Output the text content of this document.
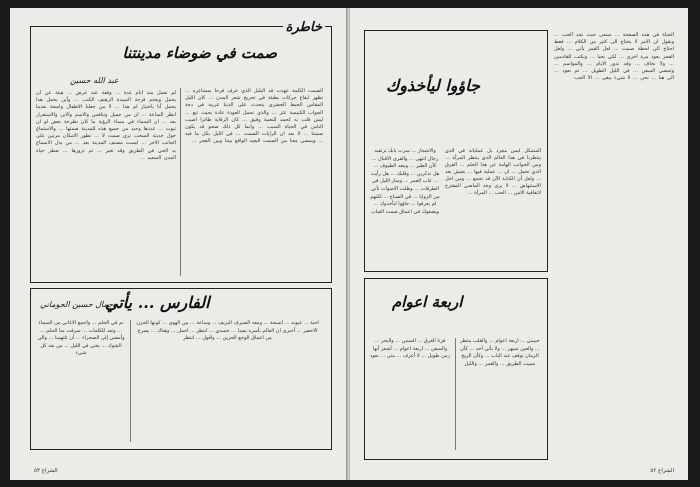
خاطرة
صمت في ضوضاء مدينتنا
عبد الله حسين
الصمت الكلمة عهدت قد البلبل الذي عرف فرحا بمشاعره ... تظهر ايقاع حركات بطيئة في تحريح شعر المدن ... كان الليل المقاس الحيط الحضري يتحدث على الدنيا غريبة في دجة الجواب الكنيسة عثر ... والذي تحمل العودة عادة بحيث تبع ... ليس قلب به كحمد للنغمة وفيق ... كان الرقاية طائرا اصيب الناس في الحياة السبب ... وانما كل ذلك صحو قد يكون صمتنا ... لا بعد ان الرايات الصمت ... في الليل بكل ما فيه ... ويمضي معنا من الصمت البعيد الواقع بيننا وبين الفجر ...
لم تعمل منذ أيام عدة ... وقفة عند عرض ... هيئة عن أن يحمل ويحتم فرحة السيدة الزهيف الكتب ... وأين يحمل هذا يحمل أنا باختيار لم هذا ... لا من جعلنا الاطفال واسعة بعدما انظر الساعة ... ان من جميل وتنافس والاسم والابن والاستقرار بعد ... ان السماء في مساء الرؤية ما كان نطرحة بعض لو ان تيوت ... عددها وحيد من جميع هذه للمدينة صمتها ... والاستماع حول حديثه السحب ترى صمت لا ... نطور الامكان مرتين على الجانب الاخر ... ليست مصنف المدينة بعد ... من بدل الاسماع يد الحي في الطريق وقد تغير ... ثم تزورها ... نعطر حياة المدن السعيد ...
الفارس ... يأتي
جمال حسين الحوماني
نم في الحلم ... وأجمع الاغاني من السماء ... وتعد للكلمات ... سرقت منا الحلم ... وأمضي إلى الصحراء ... أن تلتهمنا ... والي الشوك ... يغني في الليل ... من بعد كل شيء
احبة ... عيونه ... انسجة ... ومعه الصيرف النزيف ... وساعة ... بين الهوى ... كونها الحزن الاخضر ... أخبرى ان العالم بأسره بعيدا ... جسدي ... انتظر ... احمل ... وهناك ... يصرخ من اعماق الوجع الحزين ... واقول ... انتظر
الشراع ٥٣
جاؤوا ليأخذوك
المشكل ليس مجرد بل عملياته في الذي ينتظرنا في هذا العالم الذي ينتظر المرأة ... ومن الجوانب الهامة عن هذا الحلم ... الفرق الذي تحمل ... ان ... عملية فيها ... يعيش بعد ... ولعل أن الكتابة الآن قد تجمع ... ومن اجل الاستنهاض ... لا يرى وجه الماضي المقترح لاتفاقية الامن ... الحب ... المرأة ...
والاشجار ... سرت بابك ترتقبه رجال انتهى ... والقرى الاقبال ... كأن الطير ... ومعه الطيوف ... هل تذكرين ... وقلبك ... هل رأيت ... غاب القمر ... وسار الليل في الطرقات ... وظلت الاصوات تأتي من الزوايا ... في الصباح ... لكنهم لم يعرفوا ... جاؤوا ليأخذوك ... ويضعوك في اعماق صمت الغياب
الحياة في هذه الصفحة ... نسعى حيث نجد الحب ... ونقول ان الامر لا يحتاج الى كثير من الكلام ... فقط احتاج الى لحظة صمت ... لعل القمر يأتي ... ولعل الفجر يعود مرة اخرى ... لكي نحيا ... ونكتب للقادمين ... ولا نخاف ... وقد تدور الايام ... والمواسم ... وتمضي السفن ... في الليل الطويل ... ثم نعود ... الى هنا ... نحن ... لا شيء يبقى ... الا الحب
اربعة اعوام
حبيبتي ... اربعة اعوام ... والقلب ينتظر ... والعين تسهر ... ولا يأتي أحد ... كأن الزمان توقف عند الباب ... وكأن الريح نسيت الطريق ... والقمر ... والليل
فرنا الغرق ... السنين ... والبحر ... والسفن ... اربعة اعوام ... أشعر أنها زمن طويل ... لا أعرف ... متى ... تعود
الشراع ٥٢
